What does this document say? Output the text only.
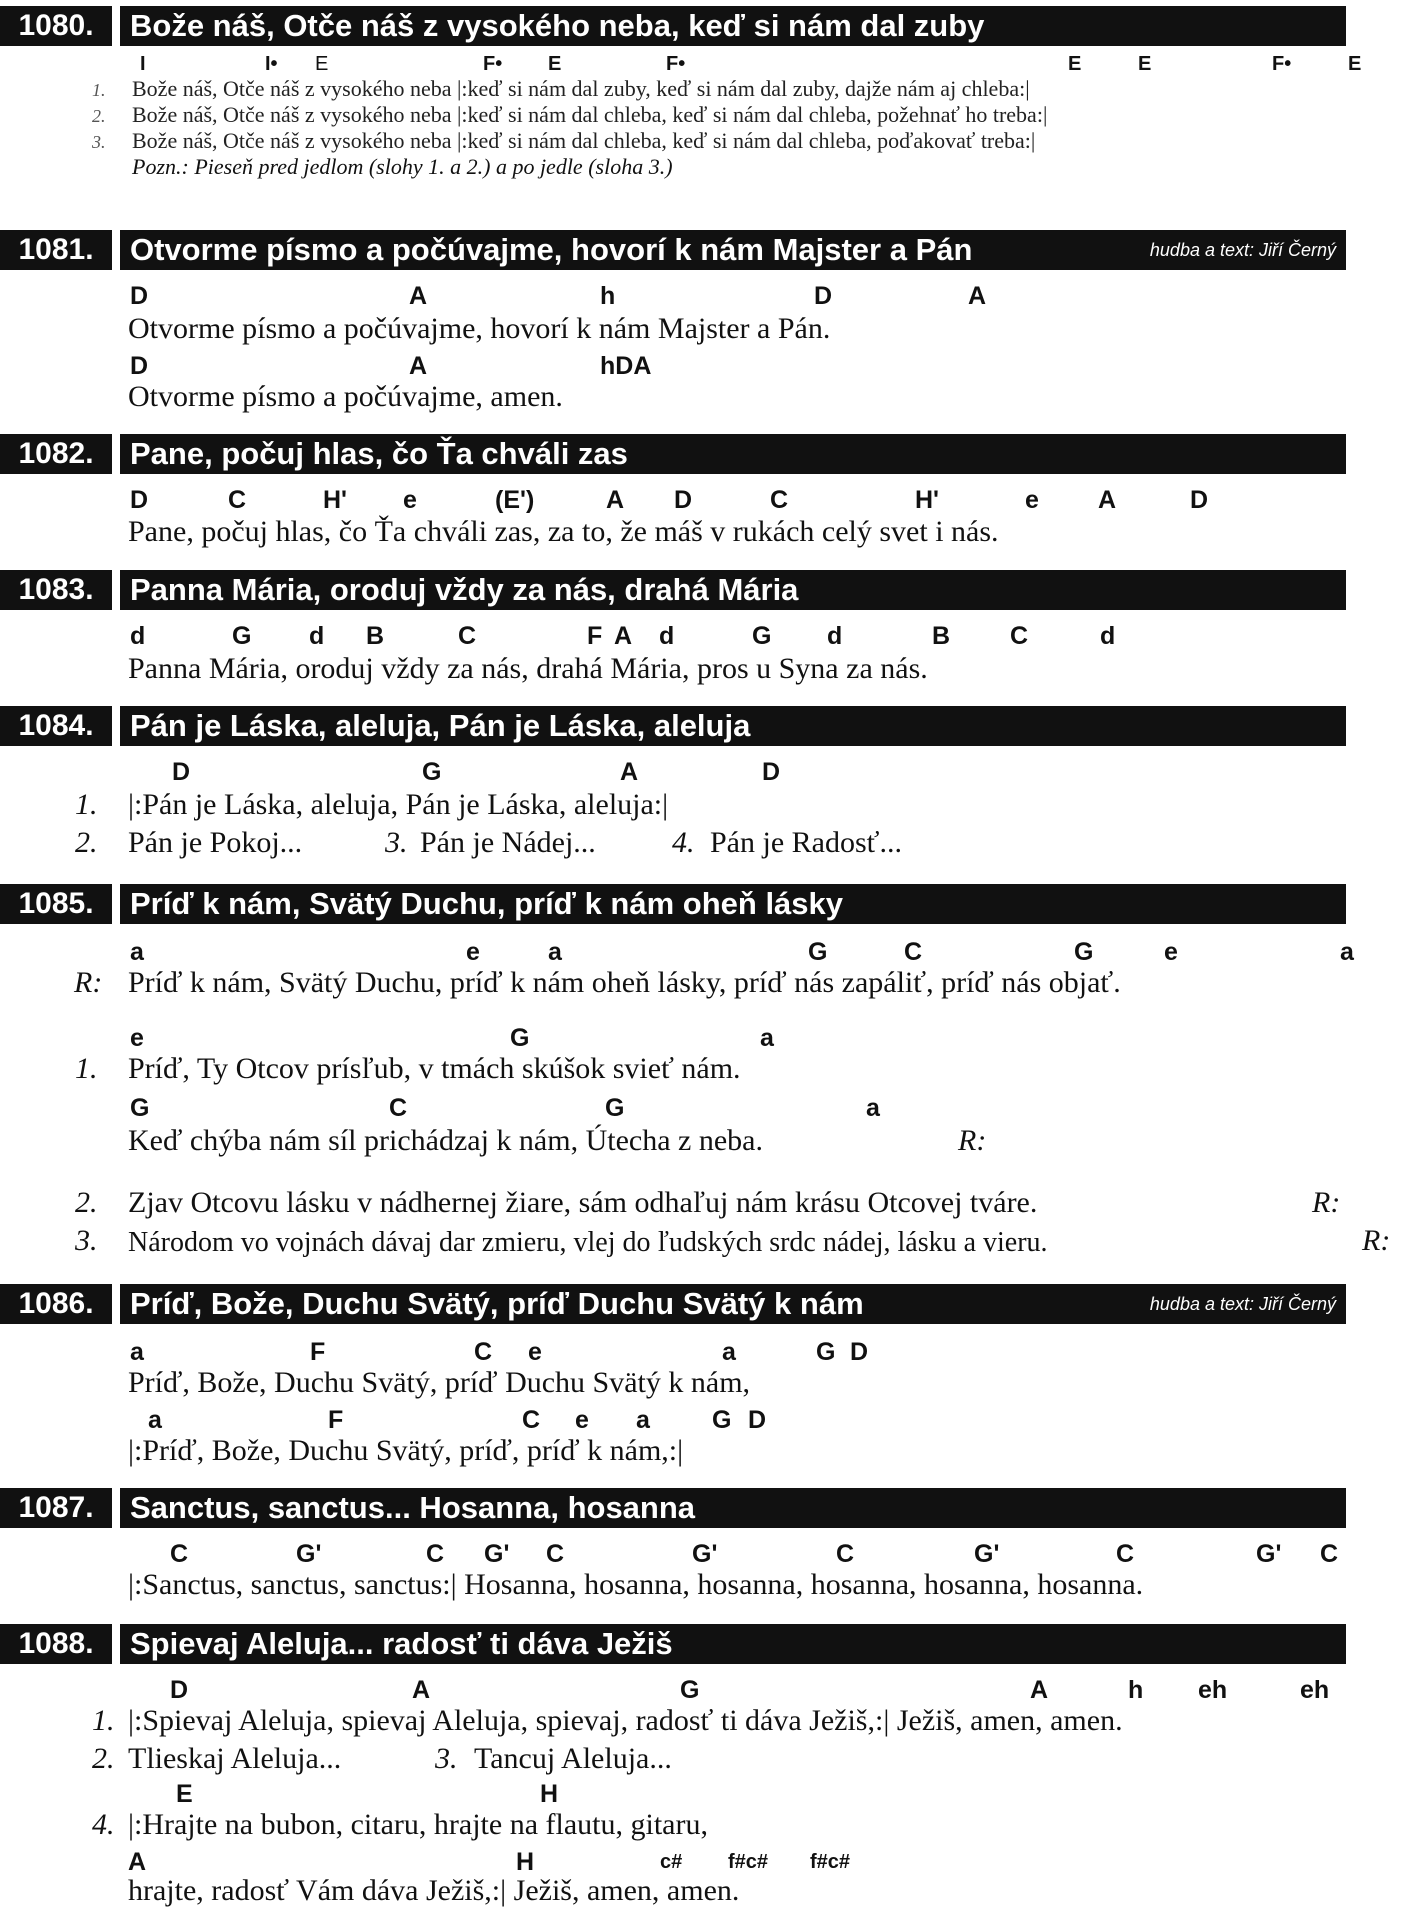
1080.	Bože náš, Otče náš z vysokého neba, keď si nám dal zuby
I	I• E	F• E	F•	E	E	F•	E
1. Bože náš, Otče náš z vysokého neba |:keď si nám dal zuby, keď si nám dal zuby, dajže nám aj chleba:|
2. Bože náš, Otče náš z vysokého neba |:keď si nám dal chleba, keď si nám dal chleba, požehnať ho treba:|
3. Bože náš, Otče náš z vysokého neba |:keď si nám dal chleba, keď si nám dal chleba, poďakovať treba:|
Pozn.: Pieseň pred jedlom (slohy 1. a 2.) a po jedle (sloha 3.)
1081.	Otvorme písmo a počúvajme, hovorí k nám Majster a Pán	hudba a text: Jiří Černý
D	A	h	D	A
Otvorme písmo a počúvajme, hovorí k nám Majster a Pán.
D	A	hDA
Otvorme písmo a počúvajme, amen.
1082.	Pane, počuj hlas, čo Ťa chváli zas
D	C	H' e	(E')	A D	C	H'	e A	D
Pane, počuj hlas, čo Ťa chváli zas, za to, že máš v rukách celý svet i nás.
1083.	Panna Mária, oroduj vždy za nás, drahá Mária
d	G d B	C	F A d	G d	B C	d
Panna Mária, oroduj vždy za nás, drahá Mária, pros u Syna za nás.
1084.	Pán je Láska, aleluja, Pán je Láska, aleluja
D	G	A	D
1. |:Pán je Láska, aleluja, Pán je Láska, aleluja:|
2. Pán je Pokoj...	3. Pán je Nádej...	4. Pán je Radosť...
1085.	Príď k nám, Svätý Duchu, príď k nám oheň lásky
a	e	a	G	C	G	e	a
R: Príď k nám, Svätý Duchu, príď k nám oheň lásky, príď nás zapáliť, príď nás objať.
e	G	a
1. Príď, Ty Otcov prísľub, v tmách skúšok svieť nám.
G	C	G	a
Keď chýba nám síl prichádzaj k nám, Útecha z neba.	R:
2. Zjav Otcovu lásku v nádhernej žiare, sám odhaľuj nám krásu Otcovej tváre.	R:
3. Národom vo vojnách dávaj dar zmieru, vlej do ľudských srdc nádej, lásku a vieru.	R:
1086.	Príď, Bože, Duchu Svätý, príď Duchu Svätý k nám	hudba a text: Jiří Černý
a	F	C e	a	G D
Príď, Bože, Duchu Svätý, príď Duchu Svätý k nám,
a	F	C e a G D
|:Príď, Bože, Duchu Svätý, príď, príď k nám,:|
1087.	Sanctus, sanctus... Hosanna, hosanna
C	G'	C G' C	G'	C	G'	C	G' C
|:Sanctus, sanctus, sanctus:| Hosanna, hosanna, hosanna, hosanna, hosanna, hosanna.
1088.	Spievaj Aleluja... radosť ti dáva Ježiš
D	A	G	A	h eh	eh
1. |:Spievaj Aleluja, spievaj Aleluja, spievaj, radosť ti dáva Ježiš,:| Ježiš, amen, amen.
2. Tlieskaj Aleluja...	3. Tancuj Aleluja...
E	H
4. |:Hrajte na bubon, citaru, hrajte na flautu, gitaru,
A	H	c# f#c# f#c#
hrajte, radosť Vám dáva Ježiš,:| Ježiš, amen, amen.
